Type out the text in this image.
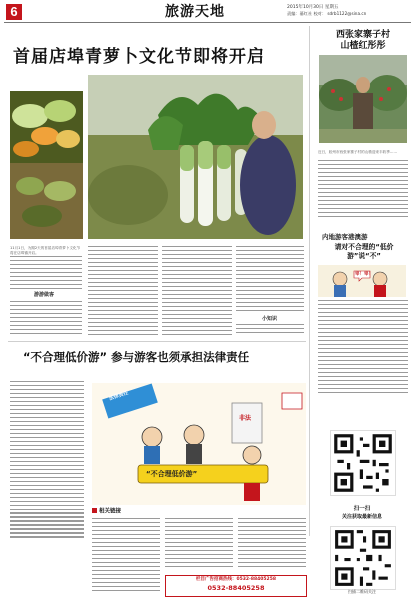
6	旅游天地	2015年10月30日 星期五
责编：綦红社 校对： sdrb1122@sina.cn
首届店埠青萝卜文化节即将开启
11月1日，为期2天的首届店埠青萝卜文化节将在店埠镇开启。
游游做客
小知识
西张家寨子村
山楂红彤彤
近日，胶州市西张家寨子村的山楂迎来丰收季……
内地游客港澳游
请对不合理的“低价游”说“不”
宰！宰！
“不合理低价游” 参与游客也须承担法律责任
法律责任
非法
“不合理低价游”
相关链接
栏目广告招商热线：0532-88405258
0532-88405258
扫一扫
关注获取最新信息
扫描二维码关注
